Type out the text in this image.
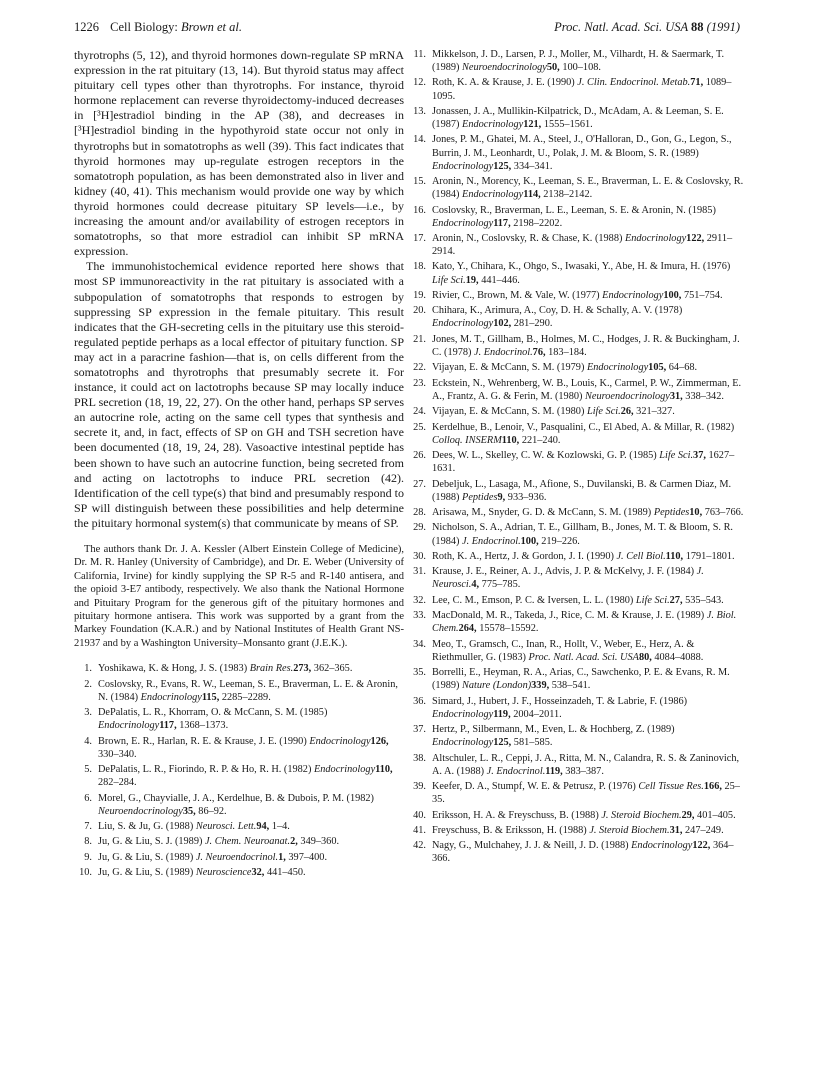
1226 Cell Biology: Brown et al.	Proc. Natl. Acad. Sci. USA 88 (1991)

thyrotrophs (5, 12), and thyroid hormones down-regulate SP mRNA expression in the rat pituitary (13, 14). But thyroid status may affect pituitary cell types other than thyrotrophs. For instance, thyroid hormone replacement can reverse thyroidectomy-induced decreases in [³H]estradiol binding in the AP (38), and decreases in [³H]estradiol binding in the hypothyroid state occur not only in thyrotrophs but in somatotrophs as well (39). This fact indicates that thyroid hormones may up-regulate estrogen receptors in the somatotroph population, as has been demonstrated also in liver and kidney (40, 41). This mechanism would provide one way by which thyroid hormones could decrease pituitary SP levels—i.e., by increasing the amount and/or availability of estrogen receptors in somatotrophs, so that more estradiol can inhibit SP mRNA expression.

The immunohistochemical evidence reported here shows that most SP immunoreactivity in the rat pituitary is associated with a subpopulation of somatotrophs that responds to estrogen by suppressing SP expression in the female pituitary. This result indicates that the GH-secreting cells in the pituitary use this steroid-regulated peptide perhaps as a local effector of pituitary function. SP may act in a paracrine fashion—that is, on cells different from the somatotrophs and thyrotrophs that presumably secrete it. For instance, it could act on lactotrophs because SP may locally induce PRL secretion (18, 19, 22, 27). On the other hand, perhaps SP serves an autocrine role, acting on the same cell types that synthesis and secrete it, and, in fact, effects of SP on GH and TSH secretion have been documented (18, 19, 24, 28). Vasoactive intestinal peptide has been shown to have such an autocrine function, being secreted from and acting on lactotrophs to induce PRL secretion (42). Identification of the cell type(s) that bind and presumably respond to SP will distinguish between these possibilities and help determine the pituitary hormonal system(s) that communicate by means of SP.

The authors thank Dr. J. A. Kessler (Albert Einstein College of Medicine), Dr. M. R. Hanley (University of Cambridge), and Dr. E. Weber (University of California, Irvine) for kindly supplying the SP R-5 and R-140 antisera, and the opioid 3-E7 antibody, respectively. We also thank the National Hormone and Pituitary Program for the generous gift of the pituitary hormones and pituitary hormone antisera. This work was supported by a grant from the Markey Foundation (K.A.R.) and by National Institutes of Health Grant NS-21937 and by a Washington University–Monsanto grant (J.E.K.).

1. Yoshikawa, K. & Hong, J. S. (1983) Brain Res.273, 362–365.
2. Coslovsky, R., Evans, R. W., Leeman, S. E., Braverman, L. E. & Aronin, N. (1984) Endocrinology115, 2285–2289.
3. DePalatis, L. R., Khorram, O. & McCann, S. M. (1985) Endocrinology117, 1368–1373.
4. Brown, E. R., Harlan, R. E. & Krause, J. E. (1990) Endocrinology126, 330–340.
5. DePalatis, L. R., Fiorindo, R. P. & Ho, R. H. (1982) Endocrinology110, 282–284.
6. Morel, G., Chayvialle, J. A., Kerdelhue, B. & Dubois, P. M. (1982) Neuroendocrinology35, 86–92.
7. Liu, S. & Ju, G. (1988) Neurosci. Lett.94, 1–4.
8. Ju, G. & Liu, S. J. (1989) J. Chem. Neuroanat.2, 349–360.
9. Ju, G. & Liu, S. (1989) J. Neuroendocrinol.1, 397–400.
10. Ju, G. & Liu, S. (1989) Neuroscience32, 441–450.
11. Mikkelson, J. D., Larsen, P. J., Moller, M., Vilhardt, H. & Saermark, T. (1989) Neuroendocrinology50, 100–108.
12. Roth, K. A. & Krause, J. E. (1990) J. Clin. Endocrinol. Metab.71, 1089–1095.
13. Jonassen, J. A., Mullikin-Kilpatrick, D., McAdam, A. & Leeman, S. E. (1987) Endocrinology121, 1555–1561.
14. Jones, P. M., Ghatei, M. A., Steel, J., O'Halloran, D., Gon, G., Legon, S., Burrin, J. M., Leonhardt, U., Polak, J. M. & Bloom, S. R. (1989) Endocrinology125, 334–341.
15. Aronin, N., Morency, K., Leeman, S. E., Braverman, L. E. & Coslovsky, R. (1984) Endocrinology114, 2138–2142.
16. Coslovsky, R., Braverman, L. E., Leeman, S. E. & Aronin, N. (1985) Endocrinology117, 2198–2202.
17. Aronin, N., Coslovsky, R. & Chase, K. (1988) Endocrinology122, 2911–2914.
18. Kato, Y., Chihara, K., Ohgo, S., Iwasaki, Y., Abe, H. & Imura, H. (1976) Life Sci.19, 441–446.
19. Rivier, C., Brown, M. & Vale, W. (1977) Endocrinology100, 751–754.
20. Chihara, K., Arimura, A., Coy, D. H. & Schally, A. V. (1978) Endocrinology102, 281–290.
21. Jones, M. T., Gillham, B., Holmes, M. C., Hodges, J. R. & Buckingham, J. C. (1978) J. Endocrinol.76, 183–184.
22. Vijayan, E. & McCann, S. M. (1979) Endocrinology105, 64–68.
23. Eckstein, N., Wehrenberg, W. B., Louis, K., Carmel, P. W., Zimmerman, E. A., Frantz, A. G. & Ferin, M. (1980) Neuroendocrinology31, 338–342.
24. Vijayan, E. & McCann, S. M. (1980) Life Sci.26, 321–327.
25. Kerdelhue, B., Lenoir, V., Pasqualini, C., El Abed, A. & Millar, R. (1982) Colloq. INSERM110, 221–240.
26. Dees, W. L., Skelley, C. W. & Kozlowski, G. P. (1985) Life Sci.37, 1627–1631.
27. Debeljuk, L., Lasaga, M., Afione, S., Duvilanski, B. & Carmen Diaz, M. (1988) Peptides9, 933–936.
28. Arisawa, M., Snyder, G. D. & McCann, S. M. (1989) Peptides10, 763–766.
29. Nicholson, S. A., Adrian, T. E., Gillham, B., Jones, M. T. & Bloom, S. R. (1984) J. Endocrinol.100, 219–226.
30. Roth, K. A., Hertz, J. & Gordon, J. I. (1990) J. Cell Biol.110, 1791–1801.
31. Krause, J. E., Reiner, A. J., Advis, J. P. & McKelvy, J. F. (1984) J. Neurosci.4, 775–785.
32. Lee, C. M., Emson, P. C. & Iversen, L. L. (1980) Life Sci.27, 535–543.
33. MacDonald, M. R., Takeda, J., Rice, C. M. & Krause, J. E. (1989) J. Biol. Chem.264, 15578–15592.
34. Meo, T., Gramsch, C., Inan, R., Hollt, V., Weber, E., Herz, A. & Riethmuller, G. (1983) Proc. Natl. Acad. Sci. USA80, 4084–4088.
35. Borrelli, E., Heyman, R. A., Arias, C., Sawchenko, P. E. & Evans, R. M. (1989) Nature (London)339, 538–541.
36. Simard, J., Hubert, J. F., Hosseinzadeh, T. & Labrie, F. (1986) Endocrinology119, 2004–2011.
37. Hertz, P., Silbermann, M., Even, L. & Hochberg, Z. (1989) Endocrinology125, 581–585.
38. Altschuler, L. R., Ceppi, J. A., Ritta, M. N., Calandra, R. S. & Zaninovich, A. A. (1988) J. Endocrinol.119, 383–387.
39. Keefer, D. A., Stumpf, W. E. & Petrusz, P. (1976) Cell Tissue Res.166, 25–35.
40. Eriksson, H. A. & Freyschuss, B. (1988) J. Steroid Biochem.29, 401–405.
41. Freyschuss, B. & Eriksson, H. (1988) J. Steroid Biochem.31, 247–249.
42. Nagy, G., Mulchahey, J. J. & Neill, J. D. (1988) Endocrinology122, 364–366.
